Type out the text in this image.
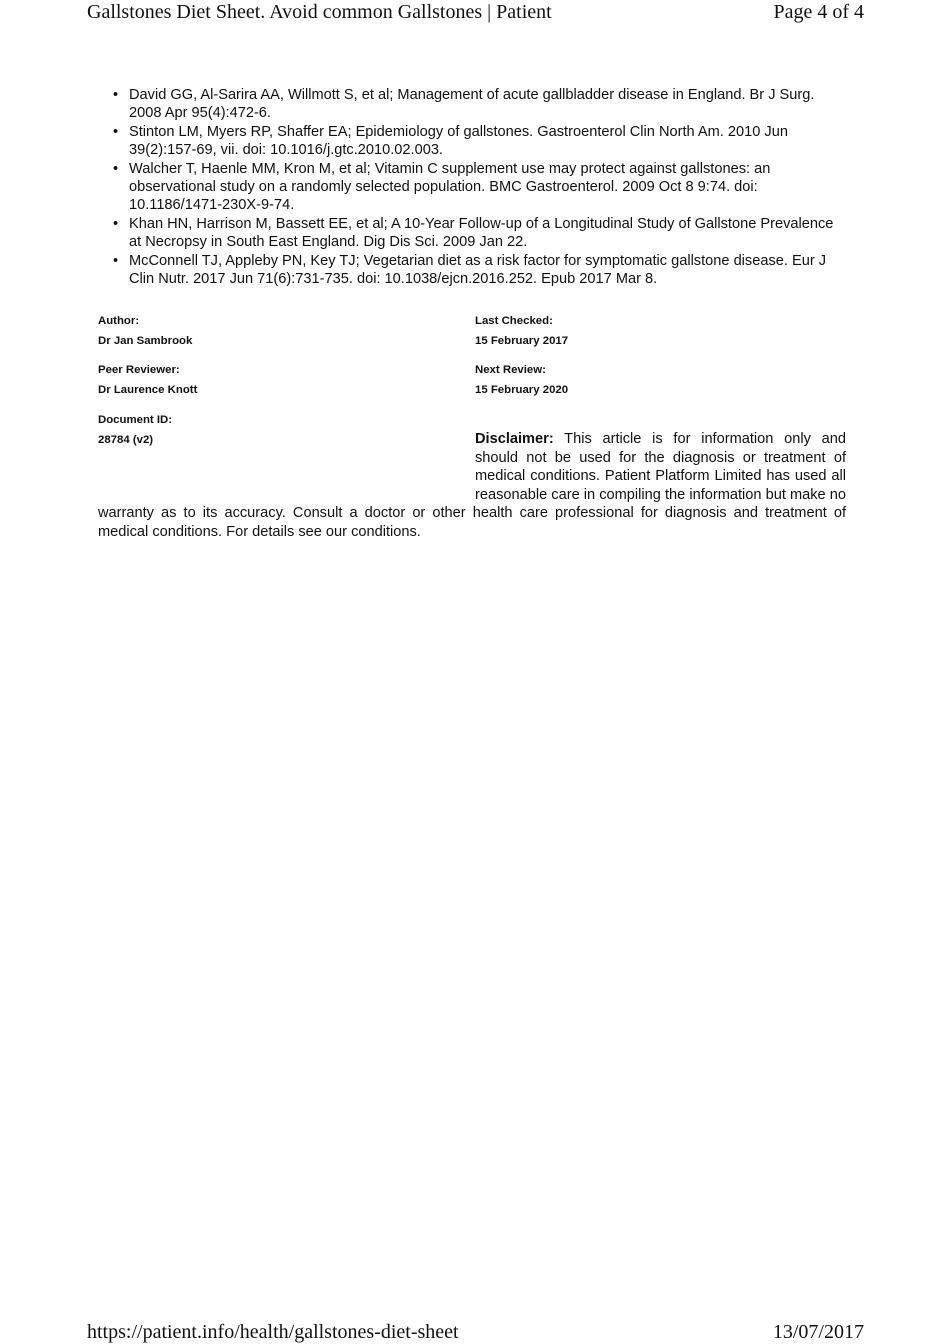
Gallstones Diet Sheet. Avoid common Gallstones | Patient	Page 4 of 4
• David GG, Al-Sarira AA, Willmott S, et al; Management of acute gallbladder disease in England. Br J Surg. 2008 Apr 95(4):472-6.
• Stinton LM, Myers RP, Shaffer EA; Epidemiology of gallstones. Gastroenterol Clin North Am. 2010 Jun 39(2):157-69, vii. doi: 10.1016/j.gtc.2010.02.003.
• Walcher T, Haenle MM, Kron M, et al; Vitamin C supplement use may protect against gallstones: an observational study on a randomly selected population. BMC Gastroenterol. 2009 Oct 8 9:74. doi: 10.1186/1471-230X-9-74.
• Khan HN, Harrison M, Bassett EE, et al; A 10-Year Follow-up of a Longitudinal Study of Gallstone Prevalence at Necropsy in South East England. Dig Dis Sci. 2009 Jan 22.
• McConnell TJ, Appleby PN, Key TJ; Vegetarian diet as a risk factor for symptomatic gallstone disease. Eur J Clin Nutr. 2017 Jun 71(6):731-735. doi: 10.1038/ejcn.2016.252. Epub 2017 Mar 8.
Author:
Dr Jan Sambrook
Peer Reviewer:
Dr Laurence Knott
Document ID:
28784 (v2)
Last Checked:
15 February 2017
Next Review:
15 February 2020
Disclaimer: This article is for information only and should not be used for the diagnosis or treatment of medical conditions. Patient Platform Limited has used all reasonable care in compiling the information but make no warranty as to its accuracy. Consult a doctor or other health care professional for diagnosis and treatment of medical conditions. For details see our conditions.
https://patient.info/health/gallstones-diet-sheet	13/07/2017
